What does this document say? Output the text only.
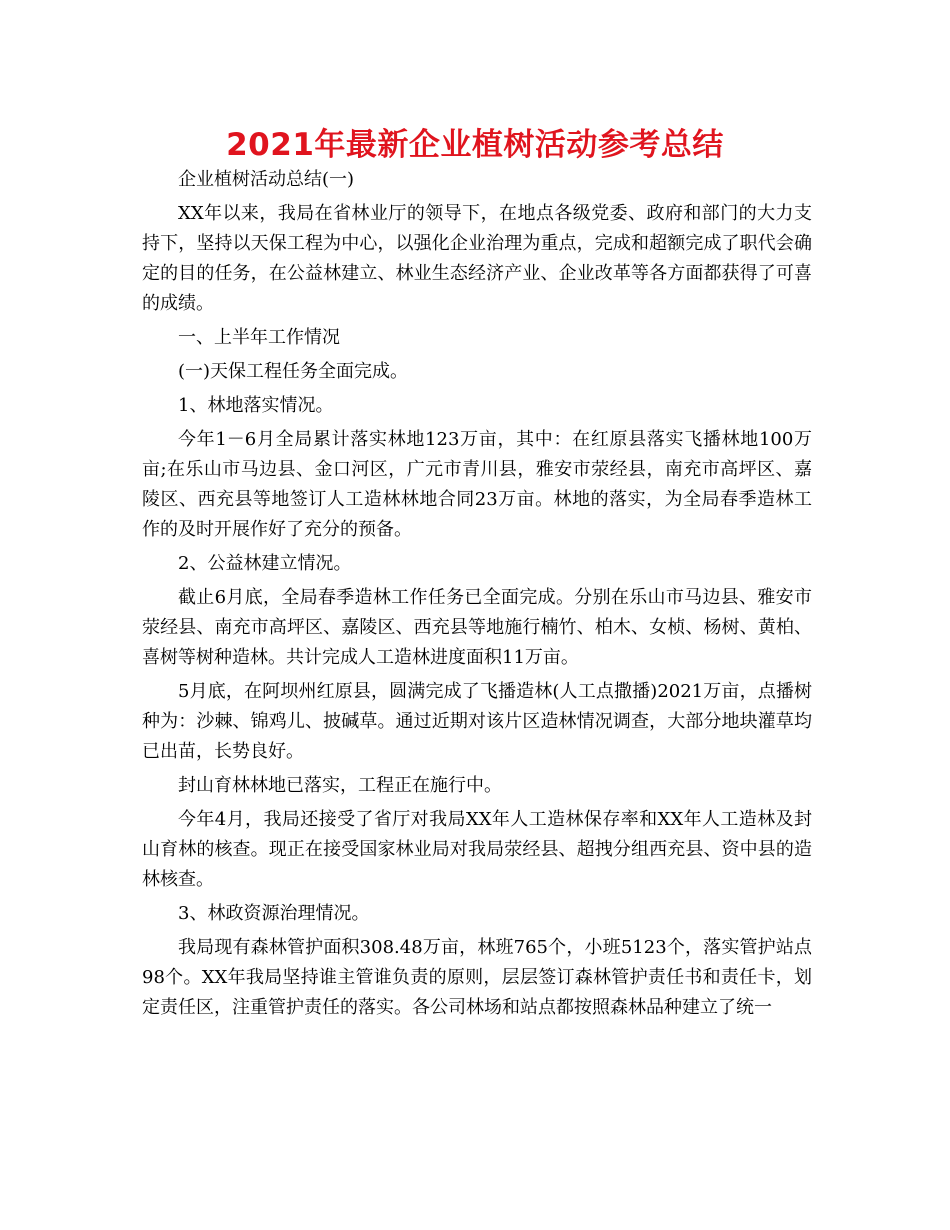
2021年最新企业植树活动参考总结

企业植树活动总结(一)

XX年以来，我局在省林业厅的领导下，在地点各级党委、政府和部门的大力支持下，坚持以天保工程为中心，以强化企业治理为重点，完成和超额完成了职代会确定的目的任务，在公益林建立、林业生态经济产业、企业改革等各方面都获得了可喜的成绩。

一、上半年工作情况

(一)天保工程任务全面完成。

1、林地落实情况。

今年1－6月全局累计落实林地123万亩，其中：在红原县落实飞播林地100万亩;在乐山市马边县、金口河区，广元市青川县，雅安市荥经县，南充市高坪区、嘉陵区、西充县等地签订人工造林林地合同23万亩。林地的落实，为全局春季造林工作的及时开展作好了充分的预备。

2、公益林建立情况。

截止6月底，全局春季造林工作任务已全面完成。分别在乐山市马边县、雅安市荥经县、南充市高坪区、嘉陵区、西充县等地施行楠竹、柏木、女桢、杨树、黄柏、喜树等树种造林。共计完成人工造林进度面积11万亩。

5月底，在阿坝州红原县，圆满完成了飞播造林(人工点撒播)2021万亩，点播树种为：沙棘、锦鸡儿、披碱草。通过近期对该片区造林情况调查，大部分地块灌草均已出苗，长势良好。

封山育林林地已落实，工程正在施行中。

今年4月，我局还接受了省厅对我局XX年人工造林保存率和XX年人工造林及封山育林的核查。现正在接受国家林业局对我局荥经县、超拽分组西充县、资中县的造林核查。

3、林政资源治理情况。

我局现有森林管护面积308.48万亩，林班765个，小班5123个，落实管护站点98个。XX年我局坚持谁主管谁负责的原则，层层签订森林管护责任书和责任卡，划定责任区，注重管护责任的落实。各公司林场和站点都按照森林品种建立了统一
